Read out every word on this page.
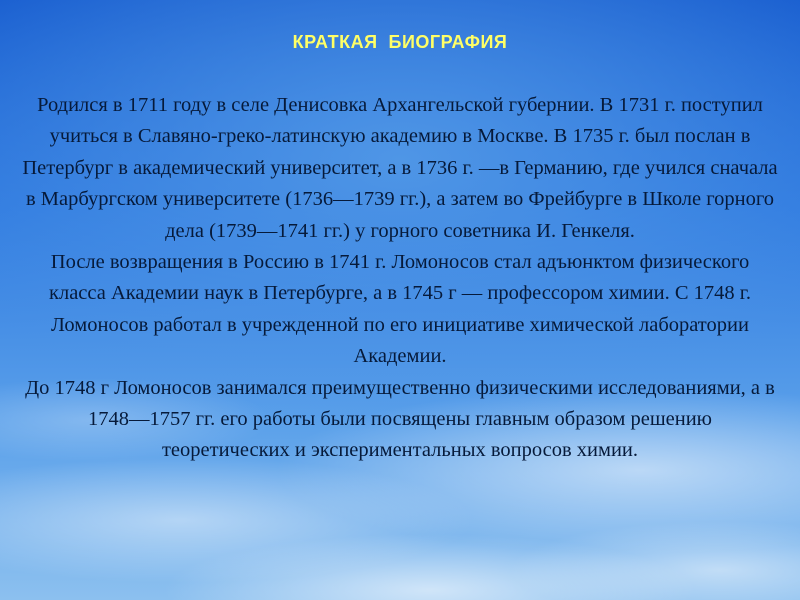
КРАТКАЯ  БИОГРАФИЯ

Родился в 1711 году в селе Денисовка Архангельской губернии. В 1731 г. поступил учиться в Славяно-греко-латинскую академию в Москве. В 1735 г. был послан в Петербург в академический университет, а в 1736 г. —в Германию, где учился сначала в Марбургском университете (1736—1739 гг.), а затем во Фрейбурге в Школе горного дела (1739—1741 гг.) у горного советника И. Генкеля.

После возвращения в Россию в 1741 г. Ломоносов стал адъюнктом физического класса Академии наук в Петербурге, а в 1745 г — профессором химии. С 1748 г. Ломоносов работал в учрежденной по его инициативе химической лаборатории Академии.

До 1748 г Ломоносов занимался преимущественно физическими исследованиями, а в 1748—1757 гг. его работы были посвящены главным образом решению теоретических и экспериментальных вопросов химии.
